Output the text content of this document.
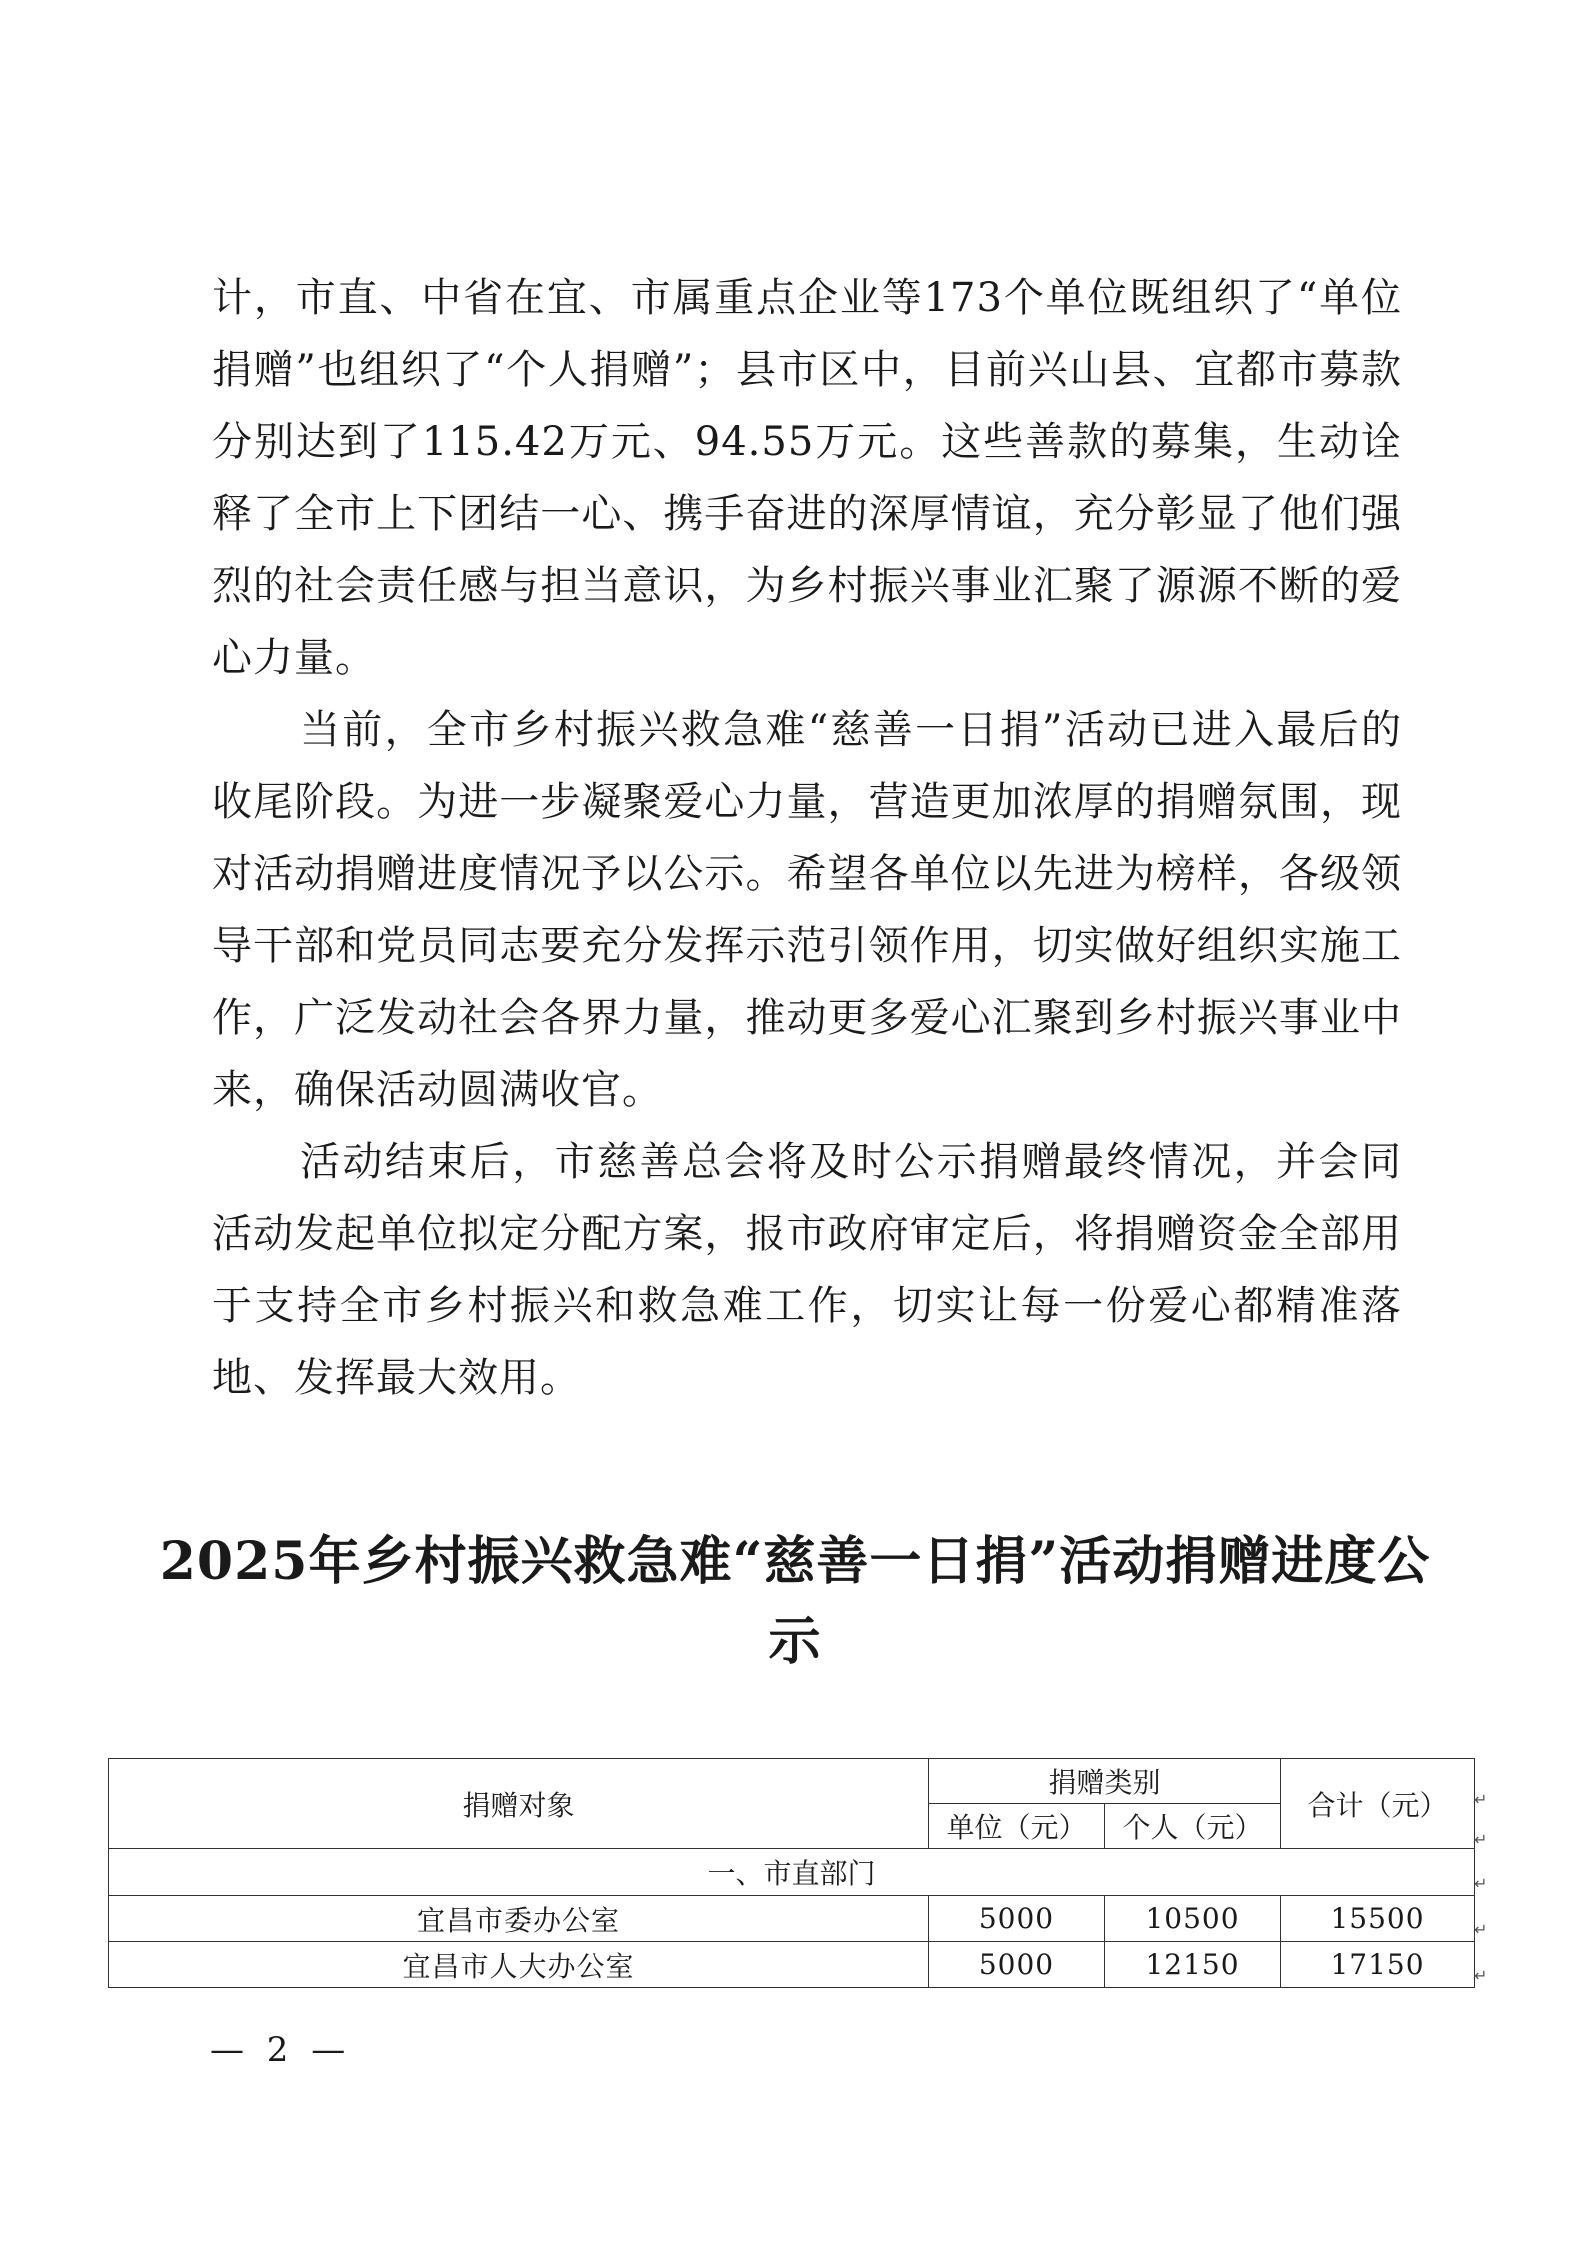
计，市直、中省在宜、市属重点企业等173个单位既组织了“单位捐赠”也组织了“个人捐赠”；县市区中，目前兴山县、宜都市募款分别达到了115.42万元、94.55万元。这些善款的募集，生动诠释了全市上下团结一心、携手奋进的深厚情谊，充分彰显了他们强烈的社会责任感与担当意识，为乡村振兴事业汇聚了源源不断的爱心力量。

当前，全市乡村振兴救急难“慈善一日捐”活动已进入最后的收尾阶段。为进一步凝聚爱心力量，营造更加浓厚的捐赠氛围，现对活动捐赠进度情况予以公示。希望各单位以先进为榜样，各级领导干部和党员同志要充分发挥示范引领作用，切实做好组织实施工作，广泛发动社会各界力量，推动更多爱心汇聚到乡村振兴事业中来，确保活动圆满收官。

活动结束后，市慈善总会将及时公示捐赠最终情况，并会同活动发起单位拟定分配方案，报市政府审定后，将捐赠资金全部用于支持全市乡村振兴和救急难工作，切实让每一份爱心都精准落地、发挥最大效用。

2025年乡村振兴救急难“慈善一日捐”活动捐赠进度公示
捐赠对象	捐赠类别		合计（元）
	单位（元）	个人（元）	
一、市直部门			
宜昌市委办公室	5000	10500	15500
宜昌市人大办公室	5000	12150	17150
↵
↵
↵
↵
↵

— 2 —
